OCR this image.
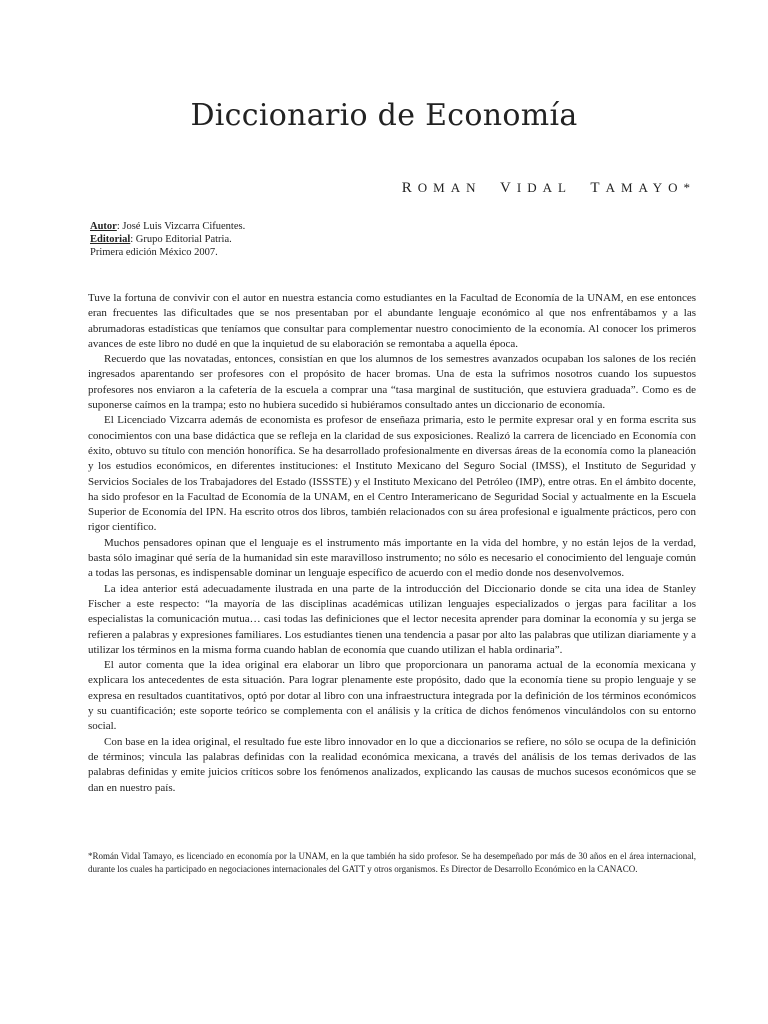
Diccionario de Economía
ROMAN VIDAL TAMAYO*
Autor: José Luis Vizcarra Cifuentes.
Editorial: Grupo Editorial Patria.
Primera edición México 2007.

Tuve la fortuna de convivir con el autor en nuestra estancia como estudiantes en la Facultad de Economía de la UNAM, en ese entonces eran frecuentes las dificultades que se nos presentaban por el abundante lenguaje económico al que nos enfrentábamos y a las abrumadoras estadísticas que teníamos que consultar para complementar nuestro conocimiento de la economía. Al conocer los primeros avances de este libro no dudé en que la inquietud de su elaboración se remontaba a aquella época.

Recuerdo que las novatadas, entonces, consistían en que los alumnos de los semestres avanzados ocupaban los salones de los recién ingresados aparentando ser profesores con el propósito de hacer bromas. Una de esta la sufrimos nosotros cuando los supuestos profesores nos enviaron a la cafetería de la escuela a comprar una “tasa marginal de sustitución, que estuviera graduada”. Como es de suponerse caímos en la trampa; esto no hubiera sucedido si hubiéramos consultado antes un diccionario de economía.

El Licenciado Vizcarra además de economista es profesor de enseñaza primaria, esto le permite expresar oral y en forma escrita sus conocimientos con una base didáctica que se refleja en la claridad de sus exposiciones. Realizó la carrera de licenciado en Economía con éxito, obtuvo su título con mención honorífica. Se ha desarrollado profesionalmente en diversas áreas de la economía como la planeación y los estudios económicos, en diferentes instituciones: el Instituto Mexicano del Seguro Social (IMSS), el Instituto de Seguridad y Servicios Sociales de los Trabajadores del Estado (ISSSTE) y el Instituto Mexicano del Petróleo (IMP), entre otras. En el ámbito docente, ha sido profesor en la Facultad de Economía de la UNAM, en el Centro Interamericano de Seguridad Social y actualmente en la Escuela Superior de Economía del IPN. Ha escrito otros dos libros, también relacionados con su área profesional e igualmente prácticos, pero con rigor científico.

Muchos pensadores opinan que el lenguaje es el instrumento más importante en la vida del hombre, y no están lejos de la verdad, basta sólo imaginar qué sería de la humanidad sin este maravilloso instrumento; no sólo es necesario el conocimiento del lenguaje común a todas las personas, es indispensable dominar un lenguaje específico de acuerdo con el medio donde nos desenvolvemos.

La idea anterior está adecuadamente ilustrada en una parte de la introducción del Diccionario donde se cita una idea de Stanley Fischer a este respecto: “la mayoría de las disciplinas académicas utilizan lenguajes especializados o jergas para facilitar a los especialistas la comunicación mutua… casi todas las definiciones que el lector necesita aprender para dominar la economía y su jerga se refieren a palabras y expresiones familiares. Los estudiantes tienen una tendencia a pasar por alto las palabras que utilizan diariamente y a utilizar los términos en la misma forma cuando hablan de economía que cuando utilizan el habla ordinaria”.

El autor comenta que la idea original era elaborar un libro que proporcionara un panorama actual de la economía mexicana y explicara los antecedentes de esta situación. Para lograr plenamente este propósito, dado que la economía tiene su propio lenguaje y se expresa en resultados cuantitativos, optó por dotar al libro con una infraestructura integrada por la definición de los términos económicos y su cuantificación; este soporte teórico se complementa con el análisis y la crítica de dichos fenómenos vinculándolos con su entorno social.

Con base en la idea original, el resultado fue este libro innovador en lo que a diccionarios se refiere, no sólo se ocupa de la definición de términos; vincula las palabras definidas con la realidad económica mexicana, a través del análisis de los temas derivados de las palabras definidas y emite juicios críticos sobre los fenómenos analizados, explicando las causas de muchos sucesos económicos que se dan en nuestro país.

*Román Vidal Tamayo, es licenciado en economía por la UNAM, en la que también ha sido profesor. Se ha desempeñado por más de 30 años en el área internacional, durante los cuales ha participado en negociaciones internacionales del GATT y otros organismos. Es Director de Desarrollo Económico en la CANACO.
